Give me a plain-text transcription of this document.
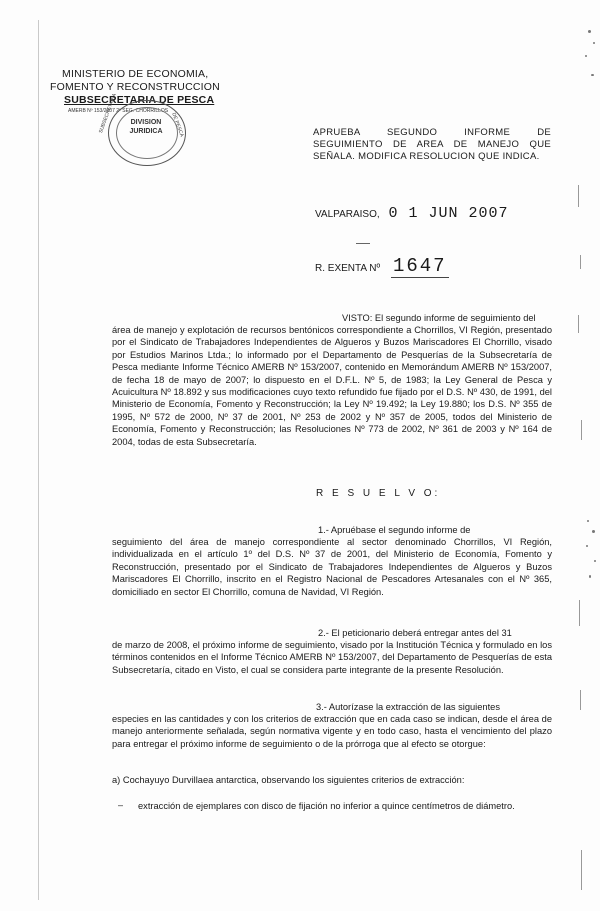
MINISTERIO DE ECONOMIA,
FOMENTO Y RECONSTRUCCION
SUBSECRETARIA DE PESCA
AMERB Nº 153/2007 2ª SEG. CHORRILLOS
DIVISION
JURIDICA
SUBSECRETARIA	DE PESCA	APRUEBA SEGUNDO INFORME DE SEGUIMIENTO DE AREA DE MANEJO QUE SEÑALA. MODIFICA RESOLUCION QUE INDICA.
VALPARAISO, 0 1 JUN 2007
R. EXENTA Nº 1647
VISTO: El segundo informe de seguimiento del
área de manejo y explotación de recursos bentónicos correspondiente a Chorrillos, VI Región, presentado por el Sindicato de Trabajadores Independientes de Algueros y Buzos Mariscadores El Chorrillo, visado por Estudios Marinos Ltda.; lo informado por el Departamento de Pesquerías de la Subsecretaría de Pesca mediante Informe Técnico AMERB Nº 153/2007, contenido en Memorándum AMERB Nº 153/2007, de fecha 18 de mayo de 2007; lo dispuesto en el D.F.L. Nº 5, de 1983; la Ley General de Pesca y Acuicultura Nº 18.892 y sus modificaciones cuyo texto refundido fue fijado por el D.S. Nº 430, de 1991, del Ministerio de Economía, Fomento y Reconstrucción; la Ley Nº 19.492; la Ley 19.880; los D.S. Nº 355 de 1995, Nº 572 de 2000, Nº 37 de 2001, Nº 253 de 2002 y Nº 357 de 2005, todos del Ministerio de Economía, Fomento y Reconstrucción; las Resoluciones Nº 773 de 2002, Nº 361 de 2003 y Nº 164 de 2004, todas de esta Subsecretaría.
R E S U E L V O:
1.- Apruébase el segundo informe de
seguimiento del área de manejo correspondiente al sector denominado Chorrillos, VI Región, individualizada en el artículo 1º del D.S. Nº 37 de 2001, del Ministerio de Economía, Fomento y Reconstrucción, presentado por el Sindicato de Trabajadores Independientes de Algueros y Buzos Mariscadores El Chorrillo, inscrito en el Registro Nacional de Pescadores Artesanales con el Nº 365, domiciliado en sector El Chorrillo, comuna de Navidad, VI Región.
2.- El peticionario deberá entregar antes del 31
de marzo de 2008, el próximo informe de seguimiento, visado por la Institución Técnica y formulado en los términos contenidos en el Informe Técnico AMERB Nº 153/2007, del Departamento de Pesquerías de esta Subsecretaría, citado en Visto, el cual se considera parte integrante de la presente Resolución.
3.- Autorízase la extracción de las siguientes
especies en las cantidades y con los criterios de extracción que en cada caso se indican, desde el área de manejo anteriormente señalada, según normativa vigente y en todo caso, hasta el vencimiento del plazo para entregar el próximo informe de seguimiento o de la prórroga que al efecto se otorgue:
a) Cochayuyo Durvillaea antarctica, observando los siguientes criterios de extracción:
– extracción de ejemplares con disco de fijación no inferior a quince centímetros de diámetro.
